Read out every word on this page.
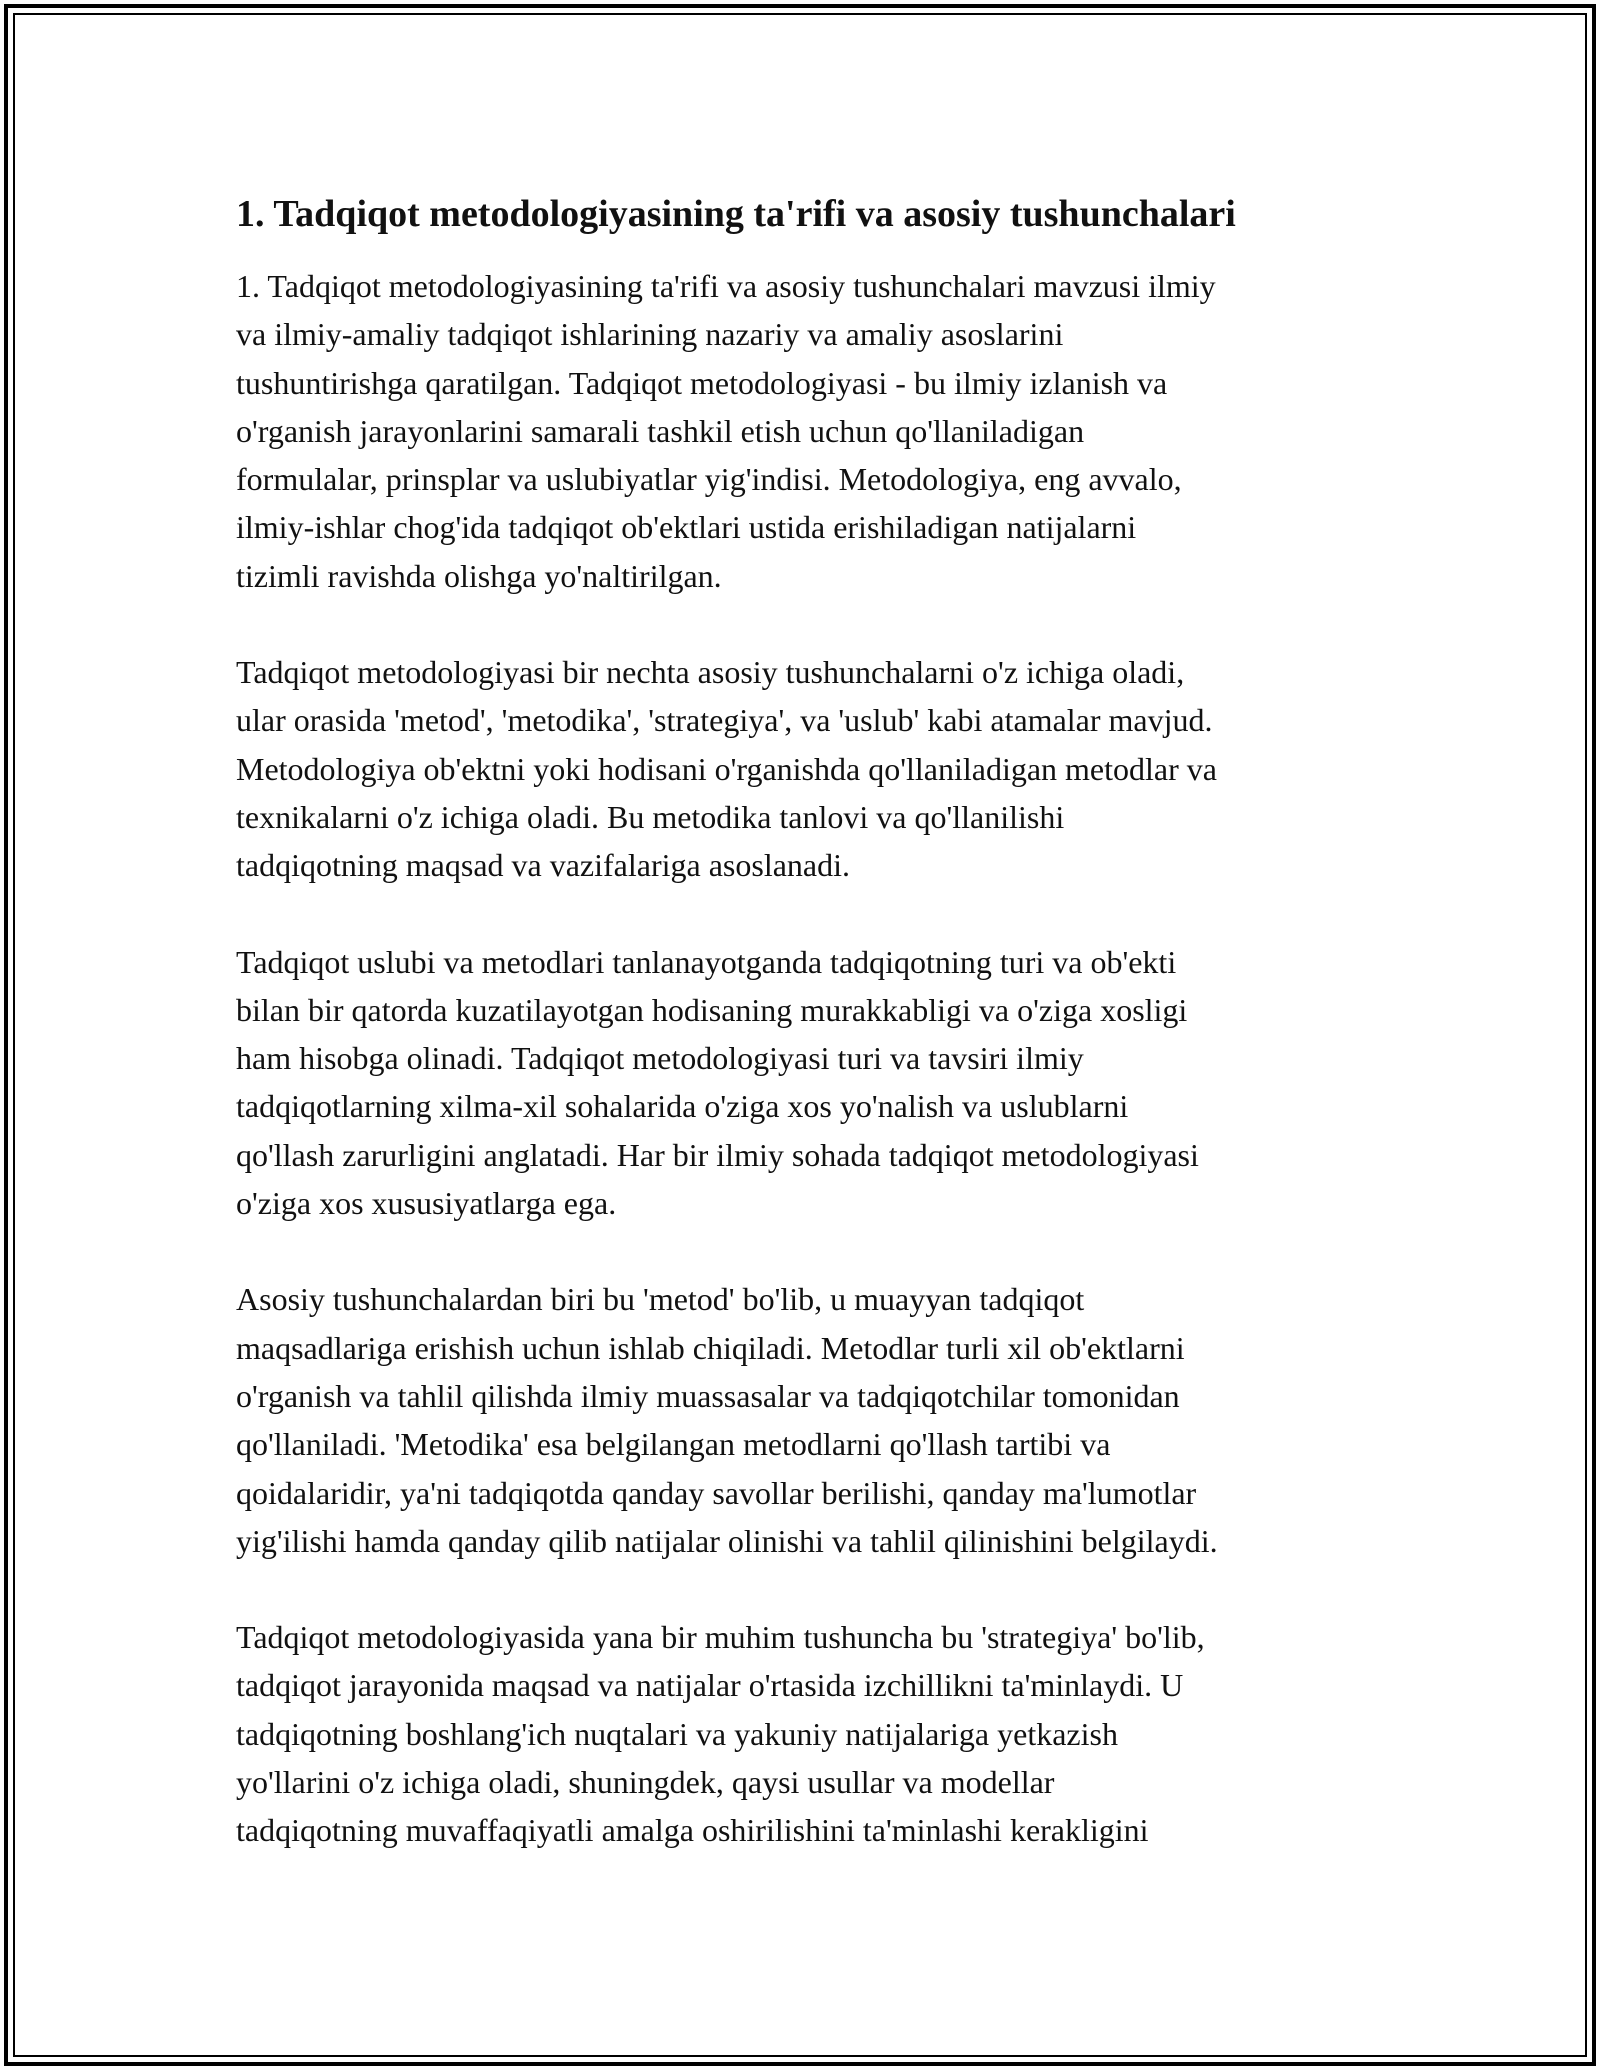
1. Tadqiqot metodologiyasining ta'rifi va asosiy tushunchalari

1. Tadqiqot metodologiyasining ta'rifi va asosiy tushunchalari mavzusi ilmiy
va ilmiy-amaliy tadqiqot ishlarining nazariy va amaliy asoslarini
tushuntirishga qaratilgan. Tadqiqot metodologiyasi - bu ilmiy izlanish va
o'rganish jarayonlarini samarali tashkil etish uchun qo'llaniladigan
formulalar, prinsplar va uslubiyatlar yig'indisi. Metodologiya, eng avvalo,
ilmiy-ishlar chog'ida tadqiqot ob'ektlari ustida erishiladigan natijalarni
tizimli ravishda olishga yo'naltirilgan.

Tadqiqot metodologiyasi bir nechta asosiy tushunchalarni o'z ichiga oladi,
ular orasida 'metod', 'metodika', 'strategiya', va 'uslub' kabi atamalar mavjud.
Metodologiya ob'ektni yoki hodisani o'rganishda qo'llaniladigan metodlar va
texnikalarni o'z ichiga oladi. Bu metodika tanlovi va qo'llanilishi
tadqiqotning maqsad va vazifalariga asoslanadi.

Tadqiqot uslubi va metodlari tanlanayotganda tadqiqotning turi va ob'ekti
bilan bir qatorda kuzatilayotgan hodisaning murakkabligi va o'ziga xosligi
ham hisobga olinadi. Tadqiqot metodologiyasi turi va tavsiri ilmiy
tadqiqotlarning xilma-xil sohalarida o'ziga xos yo'nalish va uslublarni
qo'llash zarurligini anglatadi. Har bir ilmiy sohada tadqiqot metodologiyasi
o'ziga xos xususiyatlarga ega.

Asosiy tushunchalardan biri bu 'metod' bo'lib, u muayyan tadqiqot
maqsadlariga erishish uchun ishlab chiqiladi. Metodlar turli xil ob'ektlarni
o'rganish va tahlil qilishda ilmiy muassasalar va tadqiqotchilar tomonidan
qo'llaniladi. 'Metodika' esa belgilangan metodlarni qo'llash tartibi va
qoidalaridir, ya'ni tadqiqotda qanday savollar berilishi, qanday ma'lumotlar
yig'ilishi hamda qanday qilib natijalar olinishi va tahlil qilinishini belgilaydi.

Tadqiqot metodologiyasida yana bir muhim tushuncha bu 'strategiya' bo'lib,
tadqiqot jarayonida maqsad va natijalar o'rtasida izchillikni ta'minlaydi. U
tadqiqotning boshlang'ich nuqtalari va yakuniy natijalariga yetkazish
yo'llarini o'z ichiga oladi, shuningdek, qaysi usullar va modellar
tadqiqotning muvaffaqiyatli amalga oshirilishini ta'minlashi kerakligini
